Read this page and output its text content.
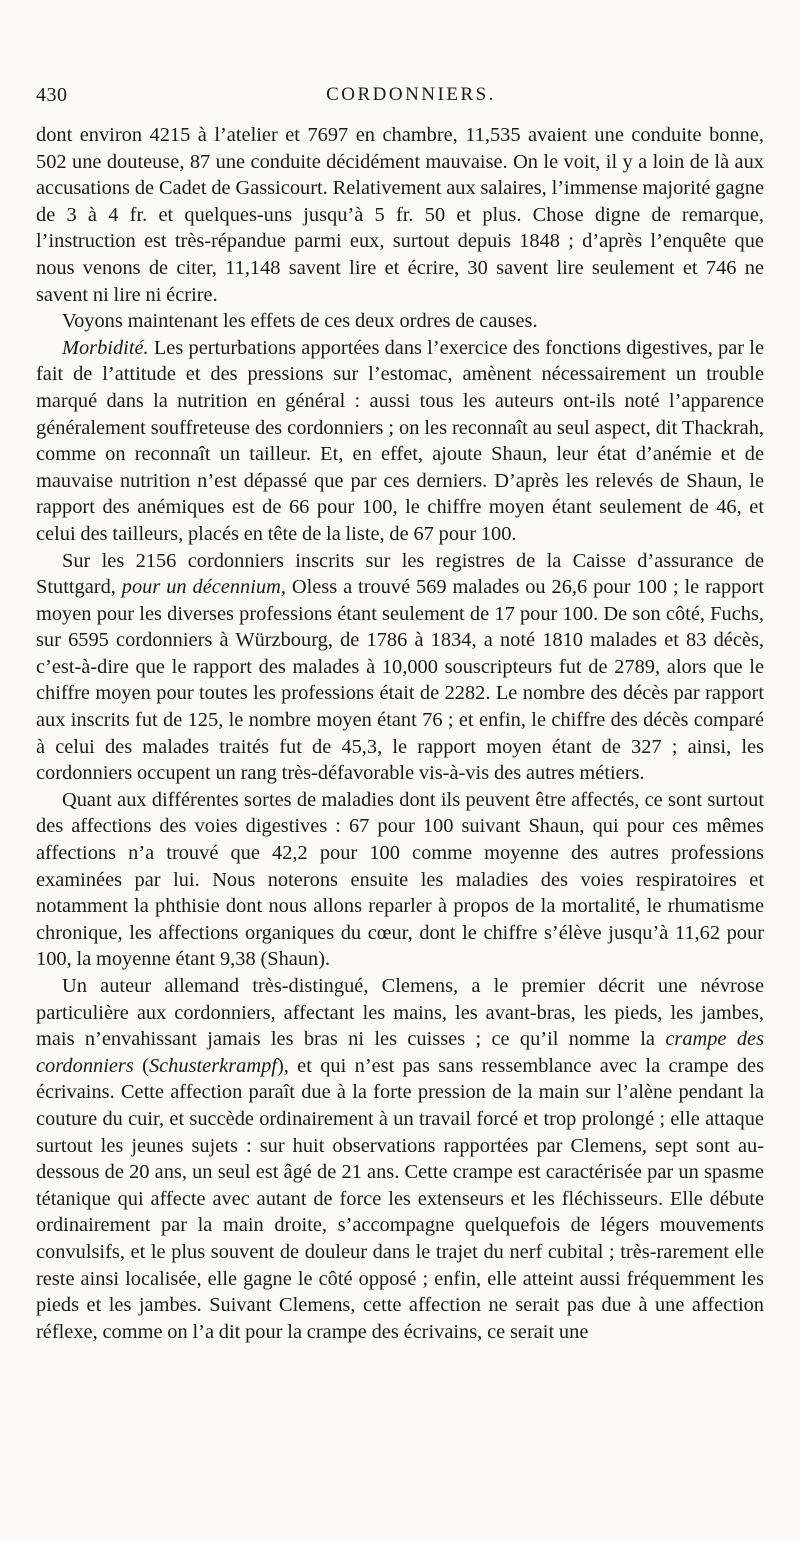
430	CORDONNIERS.

dont environ 4215 à l’atelier et 7697 en chambre, 11,535 avaient une conduite bonne, 502 une douteuse, 87 une conduite décidément mauvaise. On le voit, il y a loin de là aux accusations de Cadet de Gassicourt. Relativement aux salaires, l’immense majorité gagne de 3 à 4 fr. et quelques-uns jusqu’à 5 fr. 50 et plus. Chose digne de remarque, l’instruction est très-répandue parmi eux, surtout depuis 1848 ; d’après l’enquête que nous venons de citer, 11,148 savent lire et écrire, 30 savent lire seulement et 746 ne savent ni lire ni écrire.

Voyons maintenant les effets de ces deux ordres de causes.

Morbidité. Les perturbations apportées dans l’exercice des fonctions digestives, par le fait de l’attitude et des pressions sur l’estomac, amènent nécessairement un trouble marqué dans la nutrition en général : aussi tous les auteurs ont-ils noté l’apparence généralement souffreteuse des cordonniers ; on les reconnaît au seul aspect, dit Thackrah, comme on reconnaît un tailleur. Et, en effet, ajoute Shaun, leur état d’anémie et de mauvaise nutrition n’est dépassé que par ces derniers. D’après les relevés de Shaun, le rapport des anémiques est de 66 pour 100, le chiffre moyen étant seulement de 46, et celui des tailleurs, placés en tête de la liste, de 67 pour 100.

Sur les 2156 cordonniers inscrits sur les registres de la Caisse d’assurance de Stuttgard, pour un décennium, Oless a trouvé 569 malades ou 26,6 pour 100 ; le rapport moyen pour les diverses professions étant seulement de 17 pour 100. De son côté, Fuchs, sur 6595 cordonniers à Würzbourg, de 1786 à 1834, a noté 1810 malades et 83 décès, c’est-à-dire que le rapport des malades à 10,000 souscripteurs fut de 2789, alors que le chiffre moyen pour toutes les professions était de 2282. Le nombre des décès par rapport aux inscrits fut de 125, le nombre moyen étant 76 ; et enfin, le chiffre des décès comparé à celui des malades traités fut de 45,3, le rapport moyen étant de 327 ; ainsi, les cordonniers occupent un rang très-défavorable vis-à-vis des autres métiers.

Quant aux différentes sortes de maladies dont ils peuvent être affectés, ce sont surtout des affections des voies digestives : 67 pour 100 suivant Shaun, qui pour ces mêmes affections n’a trouvé que 42,2 pour 100 comme moyenne des autres professions examinées par lui. Nous noterons ensuite les maladies des voies respiratoires et notamment la phthisie dont nous allons reparler à propos de la mortalité, le rhumatisme chronique, les affections organiques du cœur, dont le chiffre s’élève jusqu’à 11,62 pour 100, la moyenne étant 9,38 (Shaun).

Un auteur allemand très-distingué, Clemens, a le premier décrit une névrose particulière aux cordonniers, affectant les mains, les avant-bras, les pieds, les jambes, mais n’envahissant jamais les bras ni les cuisses ; ce qu’il nomme la crampe des cordonniers (Schusterkrampf), et qui n’est pas sans ressemblance avec la crampe des écrivains. Cette affection paraît due à la forte pression de la main sur l’alène pendant la couture du cuir, et succède ordinairement à un travail forcé et trop prolongé ; elle attaque surtout les jeunes sujets : sur huit observations rapportées par Clemens, sept sont au-dessous de 20 ans, un seul est âgé de 21 ans. Cette crampe est caractérisée par un spasme tétanique qui affecte avec autant de force les extenseurs et les fléchisseurs. Elle débute ordinairement par la main droite, s’accompagne quelquefois de légers mouvements convulsifs, et le plus souvent de douleur dans le trajet du nerf cubital ; très-rarement elle reste ainsi localisée, elle gagne le côté opposé ; enfin, elle atteint aussi fréquemment les pieds et les jambes. Suivant Clemens, cette affection ne serait pas due à une affection réflexe, comme on l’a dit pour la crampe des écrivains, ce serait une
